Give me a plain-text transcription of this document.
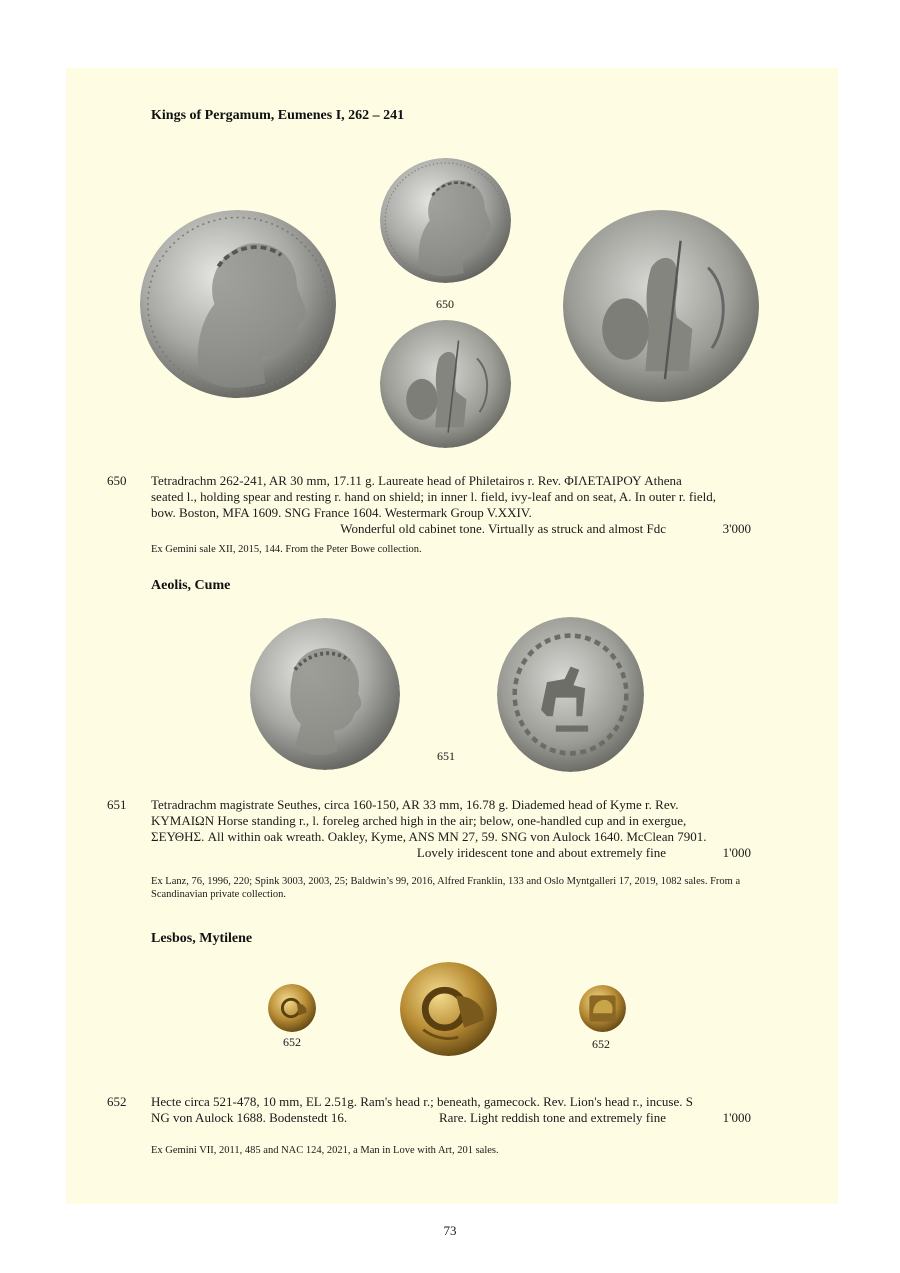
Kings of Pergamum, Eumenes I, 262 – 241
650
650 Tetradrachm 262-241, AR 30 mm, 17.11 g. Laureate head of Philetairos r. Rev. ΦΙΛΕΤΑΙΡΟΥ Athena
seated l., holding spear and resting r. hand on shield; in inner l. field, ivy-leaf and on seat, A. In outer r. field,
bow. Boston, MFA 1609. SNG France 1604. Westermark Group V.XXIV.
Wonderful old cabinet tone. Virtually as struck and almost Fdc	3'000
Ex Gemini sale XII, 2015, 144. From the Peter Bowe collection.
Aeolis, Cume
651
651 Tetradrachm magistrate Seuthes, circa 160-150, AR 33 mm, 16.78 g. Diademed head of Kyme r. Rev.
ΚΥΜΑΙΩΝ Horse standing r., l. foreleg arched high in the air; below, one-handled cup and in exergue,
ΣΕΥΘΗΣ. All within oak wreath. Oakley, Kyme, ANS MN 27, 59. SNG von Aulock 1640. McClean 7901.
Lovely iridescent tone and about extremely fine	1'000
Ex Lanz, 76, 1996, 220; Spink 3003, 2003, 25; Baldwin’s 99, 2016, Alfred Franklin, 133 and Oslo Myntgalleri 17, 2019, 1082 sales. From a Scandinavian private collection.
Lesbos, Mytilene
652	652
652 Hecte circa 521-478, 10 mm, EL 2.51g. Ram's head r.; beneath, gamecock. Rev. Lion's head r., incuse. S
NG von Aulock 1688. Bodenstedt 16.	Rare. Light reddish tone and extremely fine	1'000
Ex Gemini VII, 2011, 485 and NAC 124, 2021, a Man in Love with Art, 201 sales.
73
